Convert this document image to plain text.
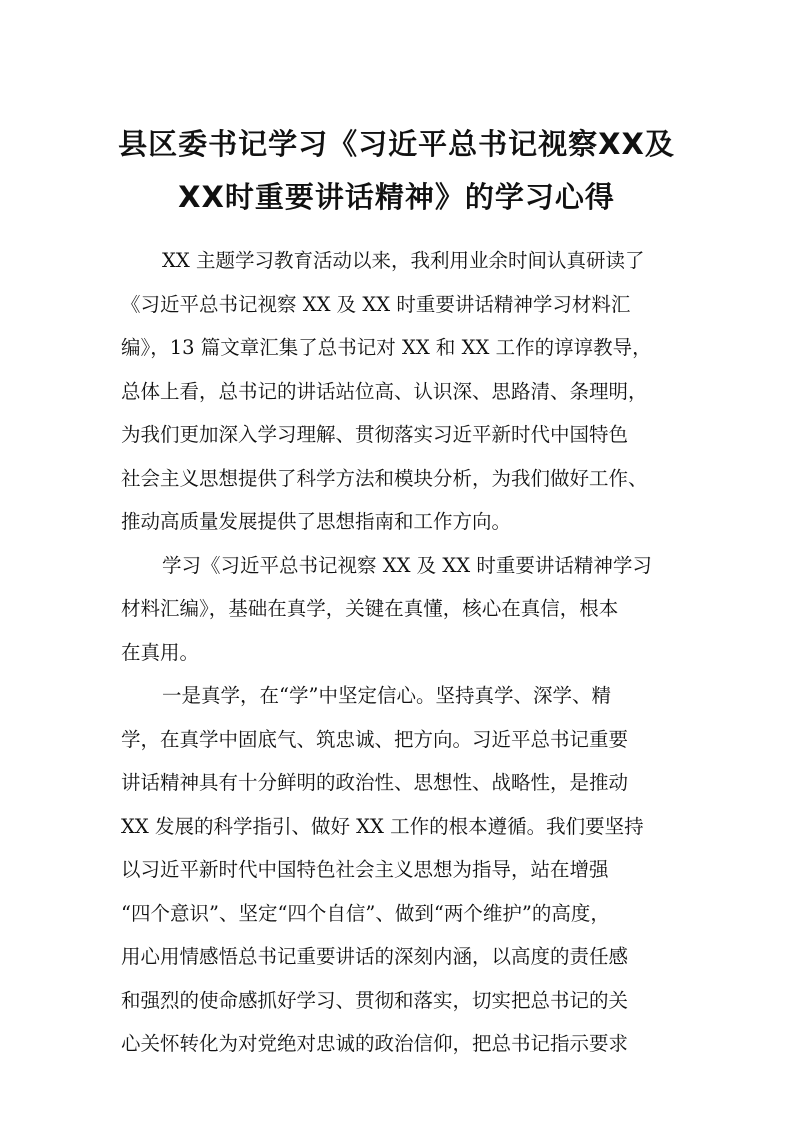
县区委书记学习《习近平总书记视察XX及
XX时重要讲话精神》的学习心得
XX 主题学习教育活动以来，我利用业余时间认真研读了
《习近平总书记视察 XX 及 XX 时重要讲话精神学习材料汇
编》，13 篇文章汇集了总书记对 XX 和 XX 工作的谆谆教导，
总体上看，总书记的讲话站位高、认识深、思路清、条理明，
为我们更加深入学习理解、贯彻落实习近平新时代中国特色
社会主义思想提供了科学方法和模块分析，为我们做好工作、
推动高质量发展提供了思想指南和工作方向。
学习《习近平总书记视察 XX 及 XX 时重要讲话精神学习
材料汇编》，基础在真学，关键在真懂，核心在真信，根本
在真用。
一是真学，在“学”中坚定信心。坚持真学、深学、精
学，在真学中固底气、筑忠诚、把方向。习近平总书记重要
讲话精神具有十分鲜明的政治性、思想性、战略性，是推动
XX 发展的科学指引、做好 XX 工作的根本遵循。我们要坚持
以习近平新时代中国特色社会主义思想为指导，站在增强
“四个意识”、坚定“四个自信”、做到“两个维护”的高度，
用心用情感悟总书记重要讲话的深刻内涵，以高度的责任感
和强烈的使命感抓好学习、贯彻和落实，切实把总书记的关
心关怀转化为对党绝对忠诚的政治信仰，把总书记指示要求
